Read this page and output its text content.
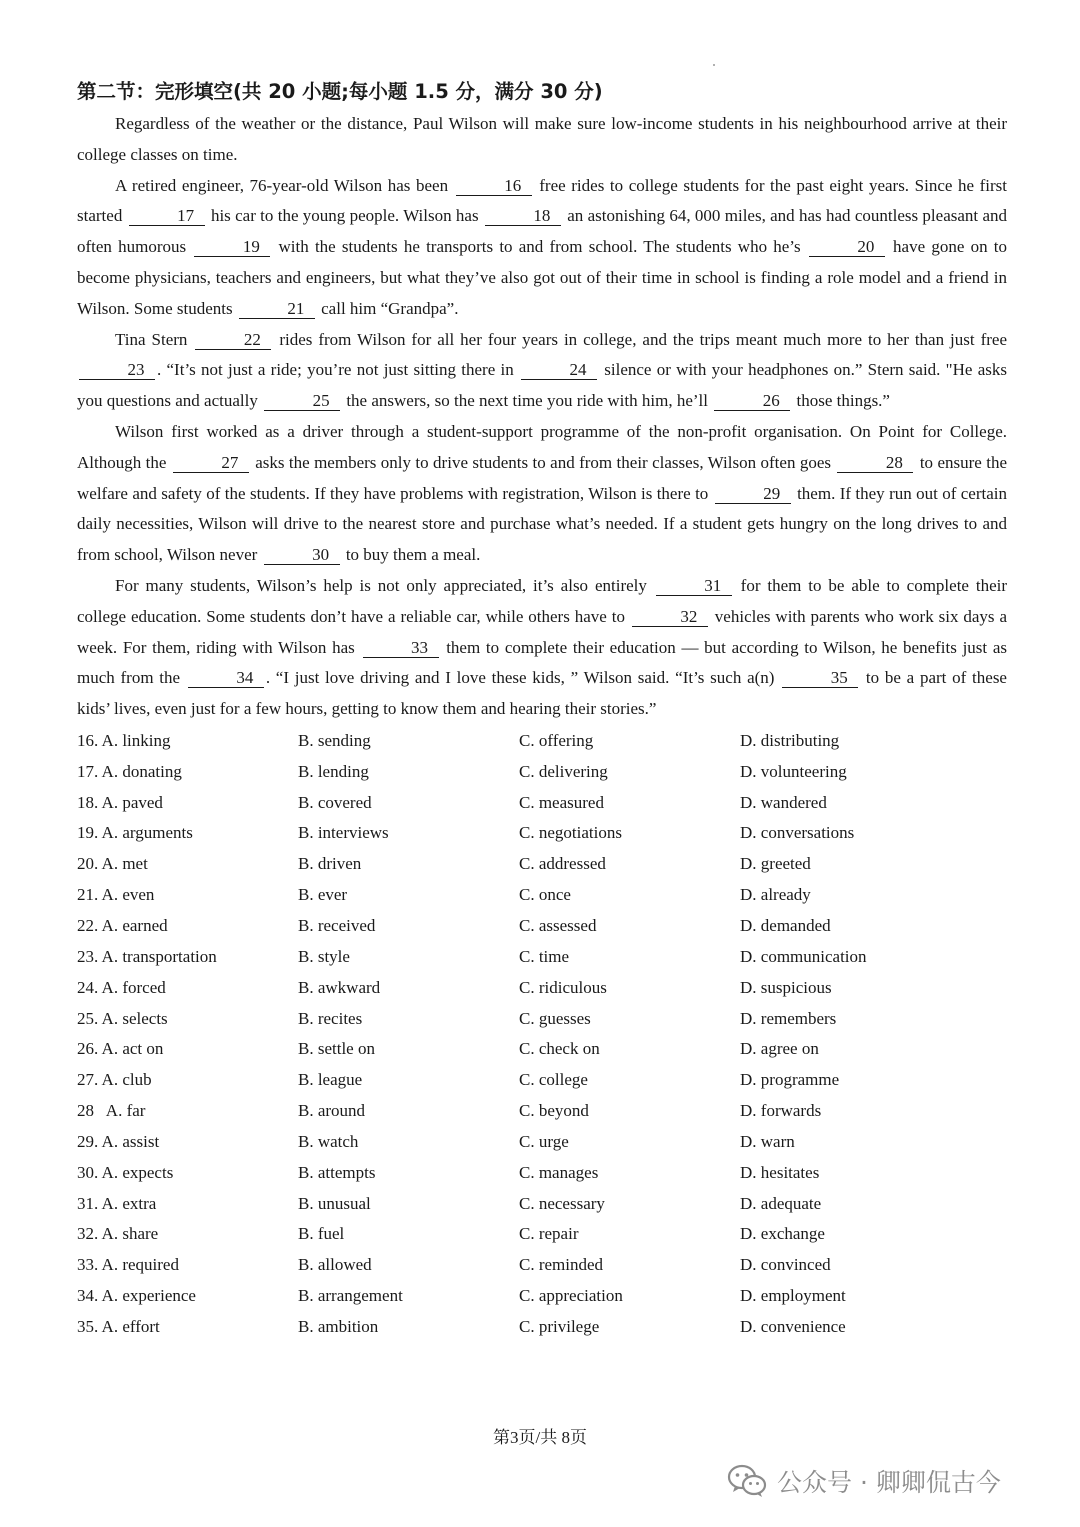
第二节：完形填空(共 20 小题;每小题 1.5 分，满分 30 分)

Regardless of the weather or the distance, Paul Wilson will make sure low-income students in his neighbourhood arrive at their college classes on time.

A retired engineer, 76-year-old Wilson has been	16 free rides to college students for the past eight years. Since he first started	17 his car to the young people. Wilson has	18 an astonishing 64, 000 miles, and has had countless pleasant and often humorous	19 with the students he transports to and from school. The students who he’s	20 have gone on to become physicians, teachers and engineers, but what they’ve also got out of their time in school is finding a role model and a friend in Wilson. Some students	21 call him “Grandpa”.

Tina Stern	22 rides from Wilson for all her four years in college, and the trips meant much more to her than just free 23 . “It’s not just a ride; you’re not just sitting there in	24 silence or with your headphones on.” Stern said. "He asks you questions and actually	25 the answers, so the next time you ride with him, he’ll	26 those things.”

Wilson first worked as a driver through a student-support programme of the non-profit organisation. On Point for College. Although the	27 asks the members only to drive students to and from their classes, Wilson often goes	28 to ensure the welfare and safety of the students. If they have problems with registration, Wilson is there to	29 them. If they run out of certain daily necessities, Wilson will drive to the nearest store and purchase what’s needed. If a student gets hungry on the long drives to and from school, Wilson never	30 to buy them a meal.

For many students, Wilson’s help is not only appreciated, it’s also entirely	31 for them to be able to complete their college education. Some students don’t have a reliable car, while others have to	32 vehicles with parents who work six days a week. For them, riding with Wilson has	33 them to complete their education — but according to Wilson, he benefits just as much from the	34 . “I just love driving and I love these kids, ” Wilson said. “It’s such a(n)	35 to be a part of these kids’ lives, even just for a few hours, getting to know them and hearing their stories.”

16. A. linking	B. sending	C. offering	D. distributing
17. A. donating	B. lending	C. delivering	D. volunteering
18. A. paved	B. covered	C. measured	D. wandered
19. A. arguments	B. interviews	C. negotiations	D. conversations
20. A. met	B. driven	C. addressed	D. greeted
21. A. even	B. ever	C. once	D. already
22. A. earned	B. received	C. assessed	D. demanded
23. A. transportation	B. style	C. time	D. communication
24. A. forced	B. awkward	C. ridiculous	D. suspicious
25. A. selects	B. recites	C. guesses	D. remembers
26. A. act on	B. settle on	C. check on	D. agree on
27. A. club	B. league	C. college	D. programme
28   A. far	B. around	C. beyond	D. forwards
29. A. assist	B. watch	C. urge	D. warn
30. A. expects	B. attempts	C. manages	D. hesitates
31. A. extra	B. unusual	C. necessary	D. adequate
32. A. share	B. fuel	C. repair	D. exchange
33. A. required	B. allowed	C. reminded	D. convinced
34. A. experience	B. arrangement	C. appreciation	D. employment
35. A. effort	B. ambition	C. privilege	D. convenience
第3页/共 8页
公众号 · 卿卿侃古今
